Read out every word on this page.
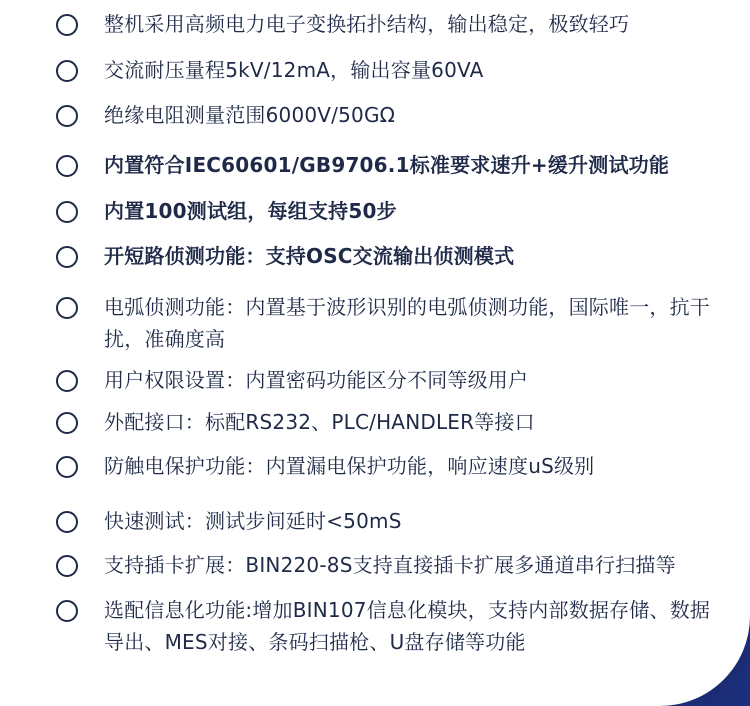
整机采用高频电力电子变换拓扑结构，输出稳定，极致轻巧
交流耐压量程5kV/12mA，输出容量60VA
绝缘电阻测量范围6000V/50GΩ
内置符合IEC60601/GB9706.1标准要求速升+缓升测试功能
内置100测试组，每组支持50步
开短路侦测功能：支持OSC交流输出侦测模式
电弧侦测功能：内置基于波形识别的电弧侦测功能，国际唯一，抗干扰，准确度高
用户权限设置：内置密码功能区分不同等级用户
外配接口：标配RS232、PLC/HANDLER等接口
防触电保护功能：内置漏电保护功能，响应速度uS级别
快速测试：测试步间延时<50mS
支持插卡扩展：BIN220-8S支持直接插卡扩展多通道串行扫描等
选配信息化功能:增加BIN107信息化模块，支持内部数据存储、数据导出、MES对接、条码扫描枪、U盘存储等功能
